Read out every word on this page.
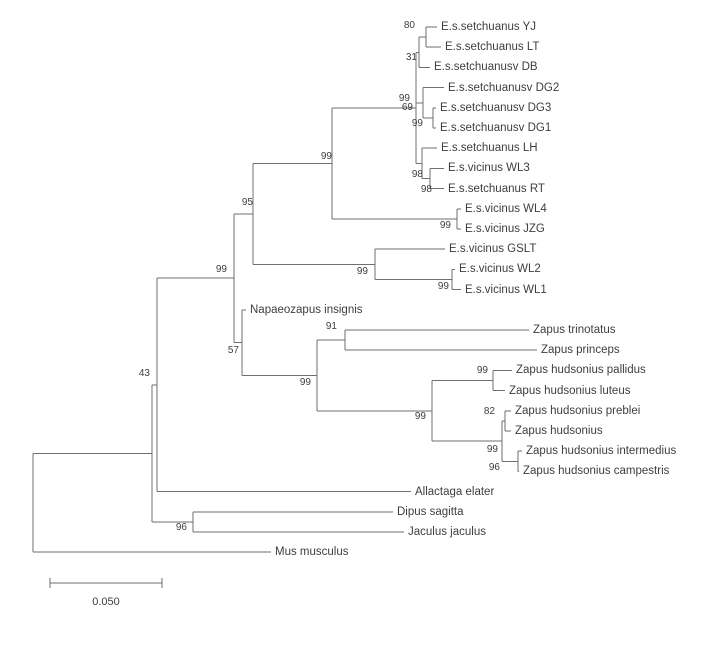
E.s.setchuanus YJ
E.s.setchuanus LT
E.s.setchuanusv DB
E.s.setchuanusv DG2
E.s.setchuanusv DG3
E.s.setchuanusv DG1
E.s.setchuanus LH
E.s.vicinus WL3
E.s.setchuanus RT
E.s.vicinus WL4
E.s.vicinus JZG
E.s.vicinus GSLT
E.s.vicinus WL2
E.s.vicinus WL1
Napaeozapus insignis
Zapus trinotatus
Zapus princeps
Zapus hudsonius pallidus
Zapus hudsonius luteus
Zapus hudsonius preblei
Zapus hudsonius
Zapus hudsonius intermedius
Zapus hudsonius campestris
Allactaga elater
Dipus sagitta
Jaculus jaculus
Mus musculus
80
31
99
69
98
98
99
99
99
99
99
95
91
99
82
96
99
99
99
57
99
43
96
0.050
